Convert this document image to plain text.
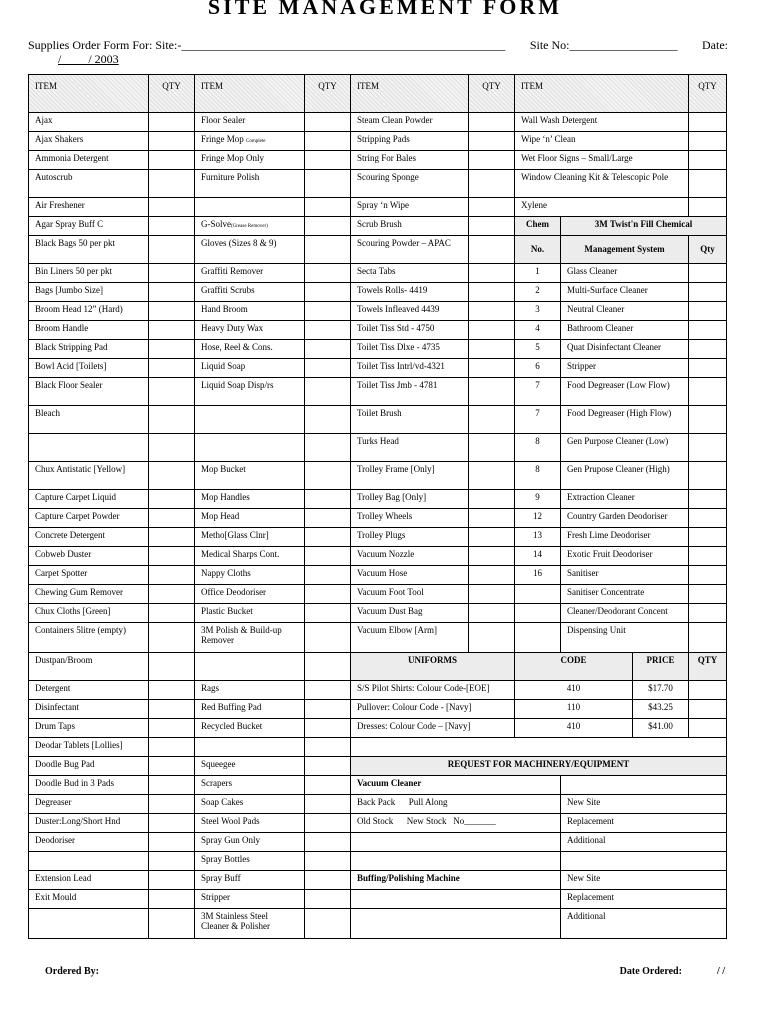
SITE MANAGEMENT FORM
Supplies Order Form For: Site:-______________________________________________________ Site No:__________________ Date:
/____ / 2003
ITEM	QTY	ITEM	QTY	ITEM	QTY	ITEM			QTY
Ajax		Floor Sealer		Steam Clean Powder		Wall Wash Detergent			
Ajax Shakers		Fringe Mop Complete		Stripping Pads		Wipe ‘n’ Clean			
Ammonia Detergent		Fringe Mop Only		String For Bales		Wet Floor Signs – Small/Large			
Autoscrub		Furniture Polish		Scouring Sponge		Window Cleaning Kit & Telescopic Pole			
Air Freshener				Spray ‘n Wipe		Xylene			
Agar Spray Buff C		G-Solve(Grease Remover)		Scrub Brush		Chem	3M Twist'n Fill Chemical		
Black Bags 50 per pkt		Gloves (Sizes 8 & 9)		Scouring Powder – APAC		No.	Management System		Qty
Bin Liners 50 per pkt		Graffiti Remover		Secta Tabs		1	Glass Cleaner		
Bags [Jumbo Size]		Graffiti Scrubs		Towels Rolls- 4419		2	Multi-Surface Cleaner		
Broom Head 12” (Hard)		Hand Broom		Towels Infleaved 4439		3	Neutral Cleaner		
Broom Handle		Heavy Duty Wax		Toilet Tiss Std - 4750		4	Bathroom Cleaner		
Black Stripping Pad		Hose, Reel & Cons.		Toilet Tiss Dlxe - 4735		5	Quat Disinfectant Cleaner		
Bowl Acid [Toilets]		Liquid Soap		Toilet Tiss Intrl/vd-4321		6	Stripper		
Black Floor Sealer		Liquid Soap Disp/rs		Toilet Tiss Jmb - 4781		7	Food Degreaser (Low Flow)		
Bleach				Toilet Brush		7	Food Degreaser (High Flow)		
				Turks Head		8	Gen Purpose Cleaner (Low)		
Chux Antistatic [Yellow]		Mop Bucket		Trolley Frame [Only]		8	Gen Prupose Cleaner (High)		
Capture Carpet Liquid		Mop Handles		Trolley Bag [Only]		9	Extraction Cleaner		
Capture Carpet Powder		Mop Head		Trolley Wheels		12	Country Garden Deodoriser		
Concrete Detergent		Metho[Glass Clnr]		Trolley Plugs		13	Fresh Lime Deodoriser		
Cobweb Duster		Medical Sharps Cont.		Vacuum Nozzle		14	Exotic Fruit Deodoriser		
Carpet Spotter		Nappy Cloths		Vacuum Hose		16	Sanitiser		
Chewing Gum Remover		Office Deodoriser		Vacuum Foot Tool			Sanitiser Concentrate		
Chux Cloths [Green]		Plastic Bucket		Vacuum Dust Bag			Cleaner/Deodorant Concent		
Containers 5litre (empty)		3M Polish & Build-up Remover		Vacuum Elbow [Arm]			Dispensing Unit		
Dustpan/Broom				UNIFORMS		CODE		PRICE	QTY
Detergent		Rags		S/S Pilot Shirts: Colour Code-[EOE]		410		$17.70	
Disinfectant		Red Buffing Pad		Pullover: Colour Code - [Navy]		110		$43.25	
Drum Taps		Recycled Bucket		Dresses: Colour Code – [Navy]		410		$41.00	
Deodar Tablets [Lollies]									
Doodle Bug Pad		Squeegee		REQUEST FOR MACHINERY/EQUIPMENT					
Doodle Bud in 3 Pads		Scrapers		Vacuum Cleaner					
Degreaser		Soap Cakes		Back Pack      Pull Along			New Site		
Duster:Long/Short Hnd		Steel Wool Pads		Old Stock      New Stock   No_______			Replacement		
Deodoriser		Spray Gun Only					Additional		
		Spray Bottles							
Extension Lead		Spray Buff		Buffing/Polishing Machine			New Site		
Exit Mould		Stripper					Replacement		
		3M Stainless Steel Cleaner & Polisher					Additional		
Ordered By:	Date Ordered:	/ /
